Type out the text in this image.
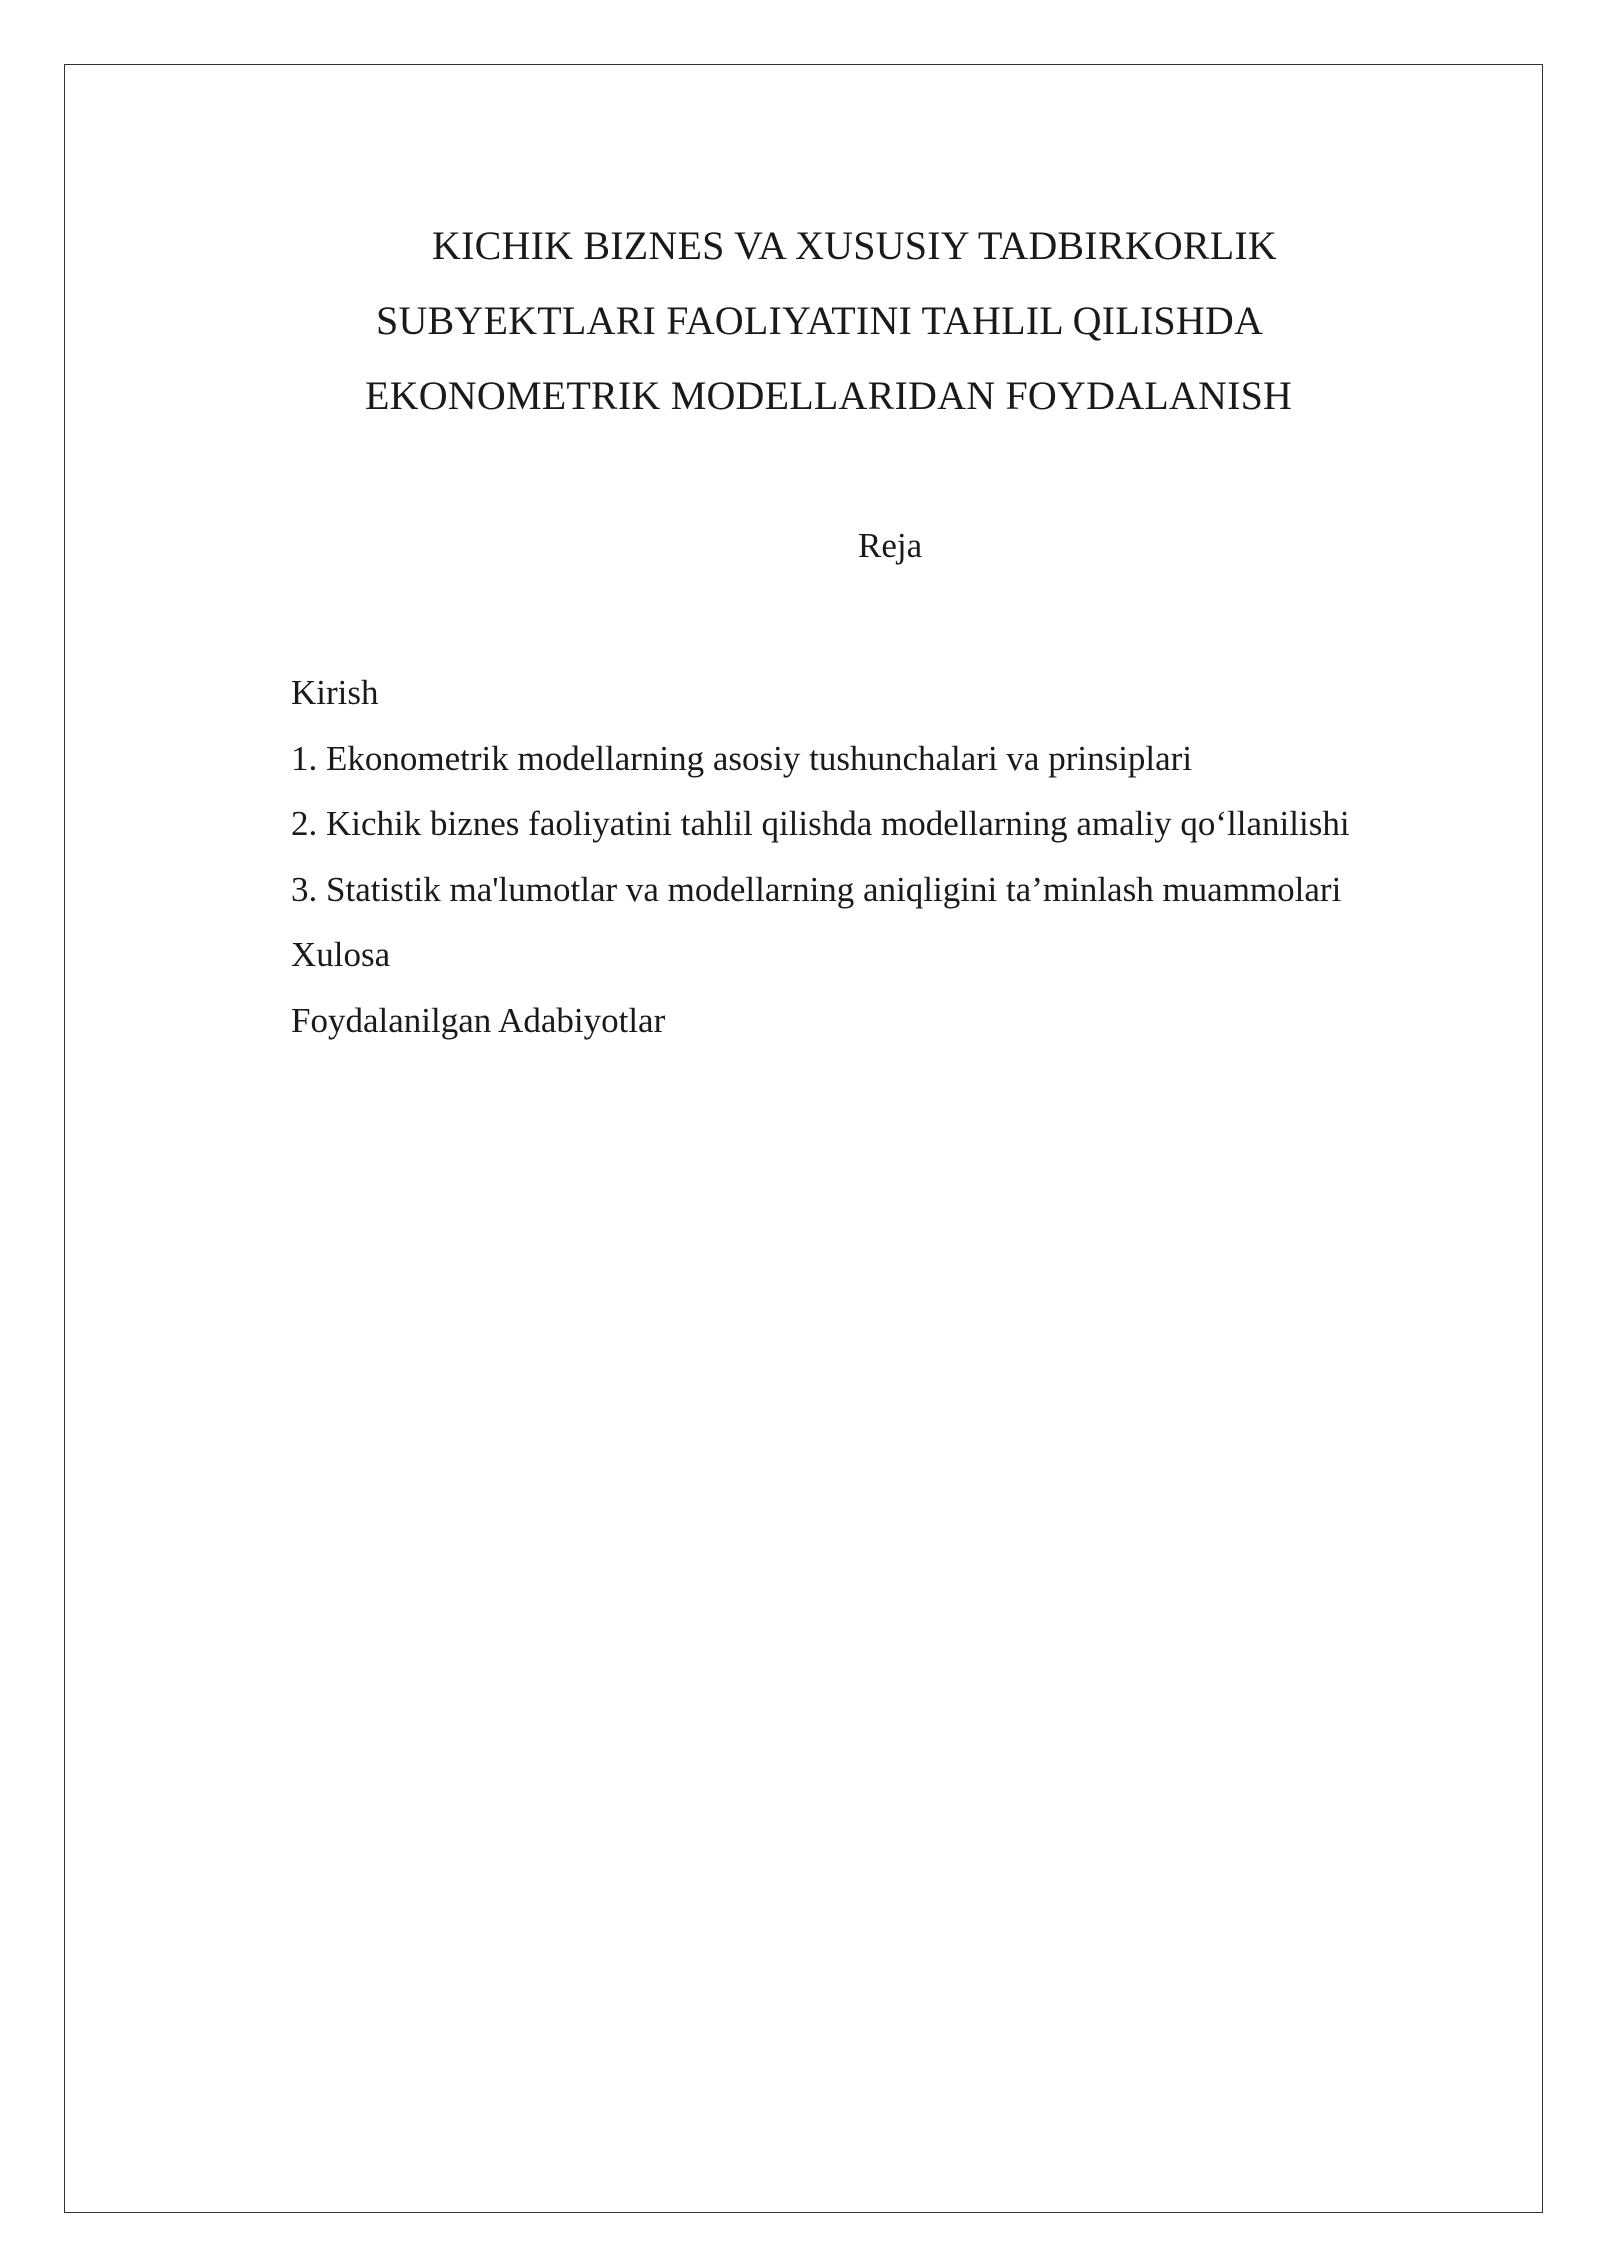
KICHIK BIZNES VA XUSUSIY TADBIRKORLIK
SUBYEKTLARI FAOLIYATINI TAHLIL QILISHDA
EKONOMETRIK MODELLARIDAN FOYDALANISH
Reja
Kirish
1. Ekonometrik modellarning asosiy tushunchalari va prinsiplari
2. Kichik biznes faoliyatini tahlil qilishda modellarning amaliy qo‘llanilishi
3. Statistik ma'lumotlar va modellarning aniqligini ta’minlash muammolari
Xulosa
Foydalanilgan Adabiyotlar
